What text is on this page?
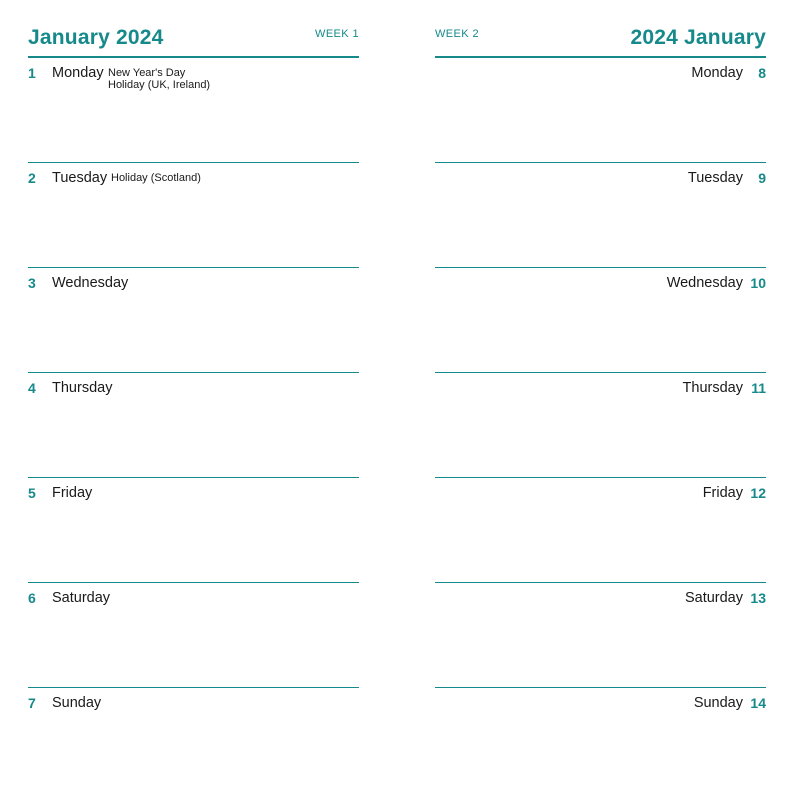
January 2024	WEEK 1
1 Monday New Year's Day
Holiday (UK, Ireland)
2 Tuesday Holiday (Scotland)
3 Wednesday
4 Thursday
5 Friday
6 Saturday
7 Sunday
2024 January
WEEK 2
8
Monday
9
Tuesday
10
Wednesday
11
Thursday
12
Friday
13
Saturday
14
Sunday
